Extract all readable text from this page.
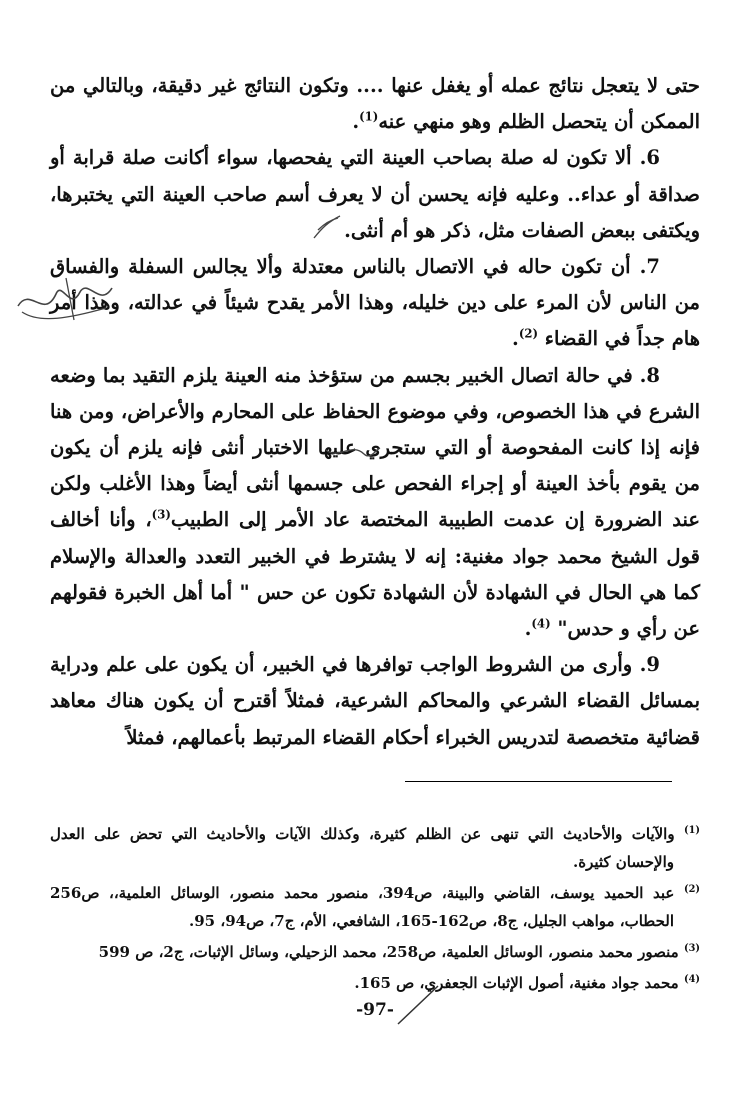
حتى لا يتعجل نتائج عمله أو يغفل عنها .... وتكون النتائج غير دقيقة، وبالتالي من الممكن أن يتحصل الظلم وهو منهي عنه$^{(1)}$.

6. ألا تكون له صلة بصاحب العينة التي يفحصها، سواء أكانت صلة قرابة أو صداقة أو عداء.. وعليه فإنه يحسن أن لا يعرف أسم صاحب العينة التي يختبرها، ويكتفى ببعض الصفات مثل، ذكر هو أم أنثى.

7. أن تكون حاله في الاتصال بالناس معتدلة وألا يجالس السفلة والفساق من الناس لأن المرء على دين خليله، وهذا الأمر يقدح شيئاً في عدالته، وهذا أمر هام جداً في القضاء $^{(2)}$.

8. في حالة اتصال الخبير بجسم من ستؤخذ منه العينة يلزم التقيد بما وضعه الشرع في هذا الخصوص، وفي موضوع الحفاظ على المحارم والأعراض، ومن هنا فإنه إذا كانت المفحوصة أو التي ستجري عليها الاختبار أنثى فإنه يلزم أن يكون من يقوم بأخذ العينة أو إجراء الفحص على جسمها أنثى أيضاً وهذا الأغلب ولكن عند الضرورة إن عدمت الطبيبة المختصة عاد الأمر إلى الطبيب$^{(3)}$، وأنا أخالف قول الشيخ محمد جواد مغنية: إنه لا يشترط في الخبير التعدد والعدالة والإسلام كما هي الحال في الشهادة لأن الشهادة تكون عن حس " أما أهل الخبرة فقولهم عن رأي و حدس" $^{(4)}$.

9. وأرى من الشروط الواجب توافرها في الخبير، أن يكون على علم ودراية بمسائل القضاء الشرعي والمحاكم الشرعية، فمثلاً أقترح أن يكون هناك معاهد قضائية متخصصة لتدريس الخبراء أحكام القضاء المرتبط بأعمالهم، فمثلاً

$^{(1)}$ والآيات والأحاديث التي تنهى عن الظلم كثيرة، وكذلك الآيات والأحاديث التي تحض على العدل والإحسان كثيرة.

$^{(2)}$ عبد الحميد يوسف، القاضي والبينة، ص394، منصور محمد منصور، الوسائل العلمية،، ص256 الحطاب، مواهب الجليل، ج8، ص162-165، الشافعي، الأم، ج7، ص94، 95.

$^{(3)}$ منصور محمد منصور، الوسائل العلمية، ص258، محمد الزحيلي، وسائل الإثبات، ج2، ص 599

$^{(4)}$ محمد جواد مغنية، أصول الإثبات الجعفري، ص 165.

-97-
